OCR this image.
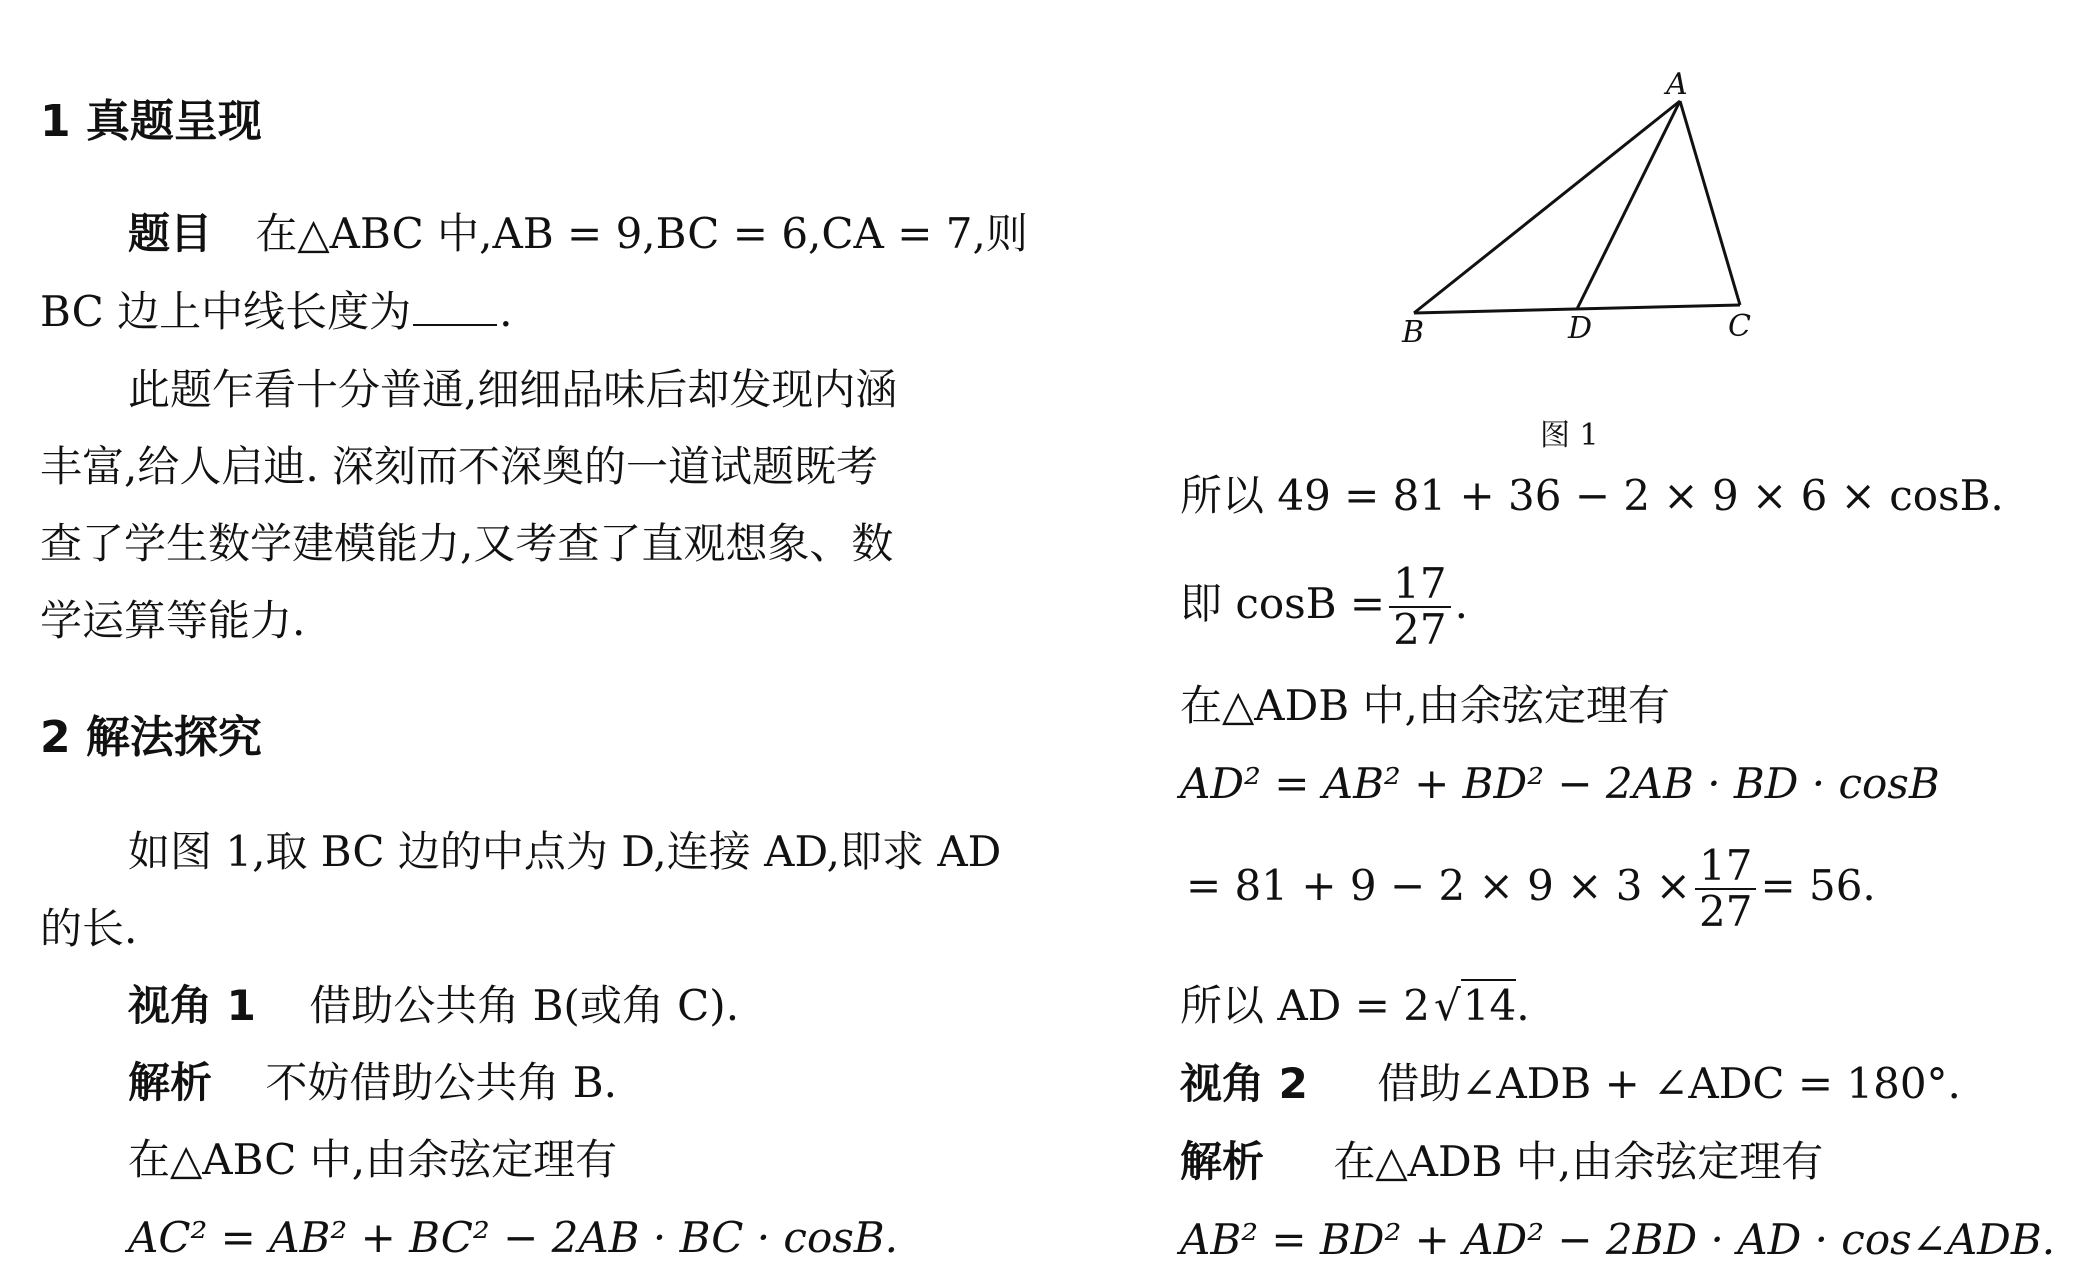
1 真题呈现
题目 在△ABC 中,AB = 9,BC = 6,CA = 7,则
BC 边上中线长度为 .
此题乍看十分普通,细细品味后却发现内涵
丰富,给人启迪. 深刻而不深奥的一道试题既考
查了学生数学建模能力,又考查了直观想象、数
学运算等能力.
2 解法探究
如图 1,取 BC 边的中点为 D,连接 AD,即求 AD
的长.
视角 1 借助公共角 B(或角 C).
解析 不妨借助公共角 B.
在△ABC 中,由余弦定理有
AC² = AB² + BC² − 2AB · BC · cosB.
A
B	D	C
图 1
所以 49 = 81 + 36 − 2 × 9 × 6 × cosB.
即 $\cos B = \frac{17}{27}$ .
在△ADB 中,由余弦定理有
AD² = AB² + BD² − 2AB · BD · cosB
= $81 + 9 - 2 \times 9 \times 3 \times \frac{17}{27} = 56$.
所以 AD = 2√14.
视角 2 借助∠ADB + ∠ADC = 180°.
解析 在△ADB 中,由余弦定理有
AB² = BD² + AD² − 2BD · AD · cos∠ADB.
